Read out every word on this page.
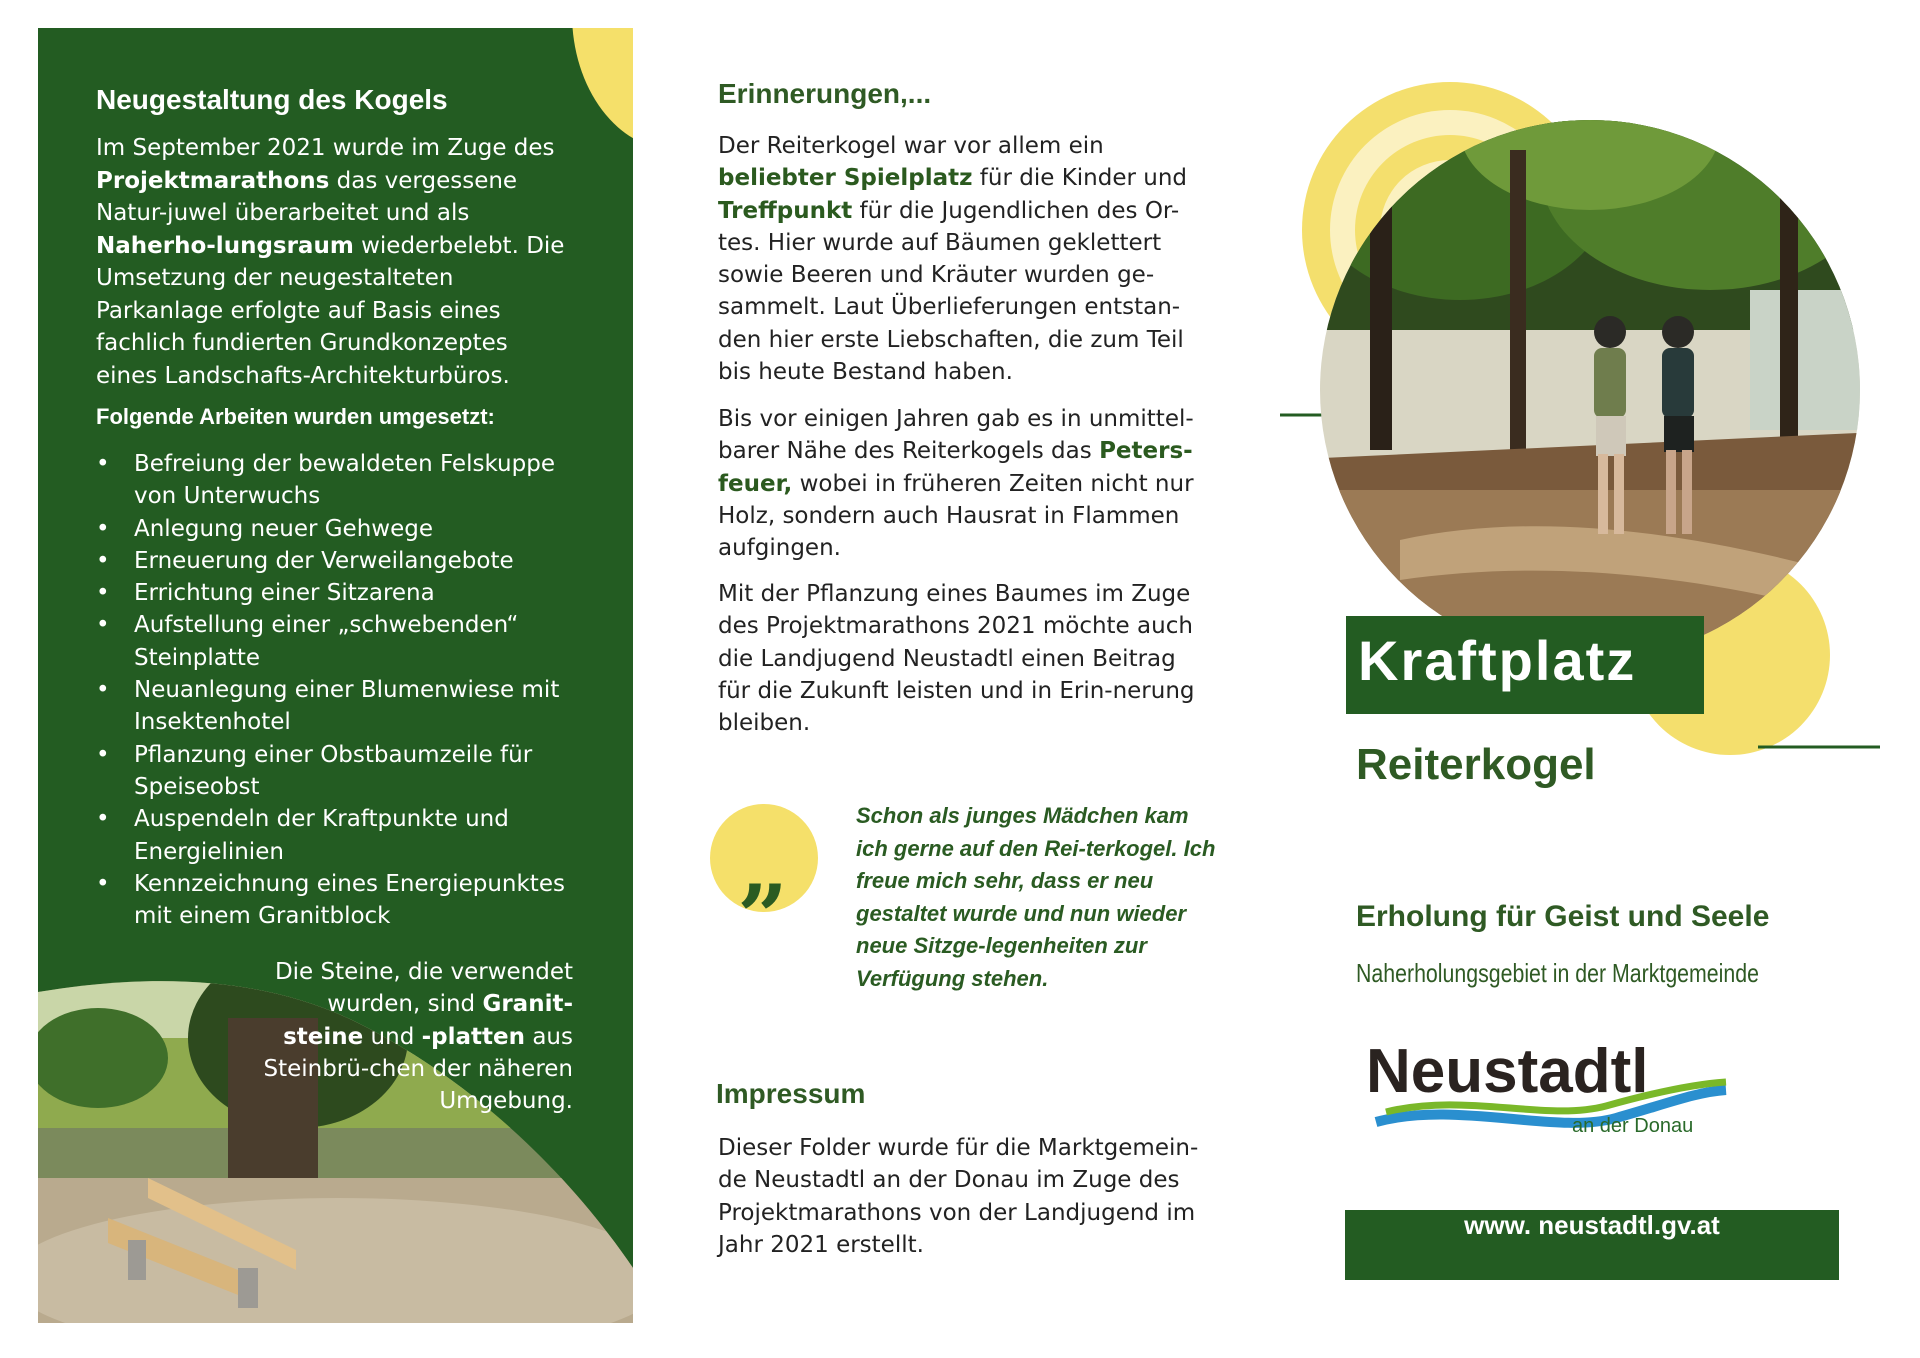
Neugestaltung des Kogels

Im September 2021 wurde im Zuge des Projektmarathons das vergessene Natur-juwel überarbeitet und als Naherho-lungsraum wiederbelebt. Die Umsetzung der neugestalteten Parkanlage erfolgte auf Basis eines fachlich fundierten Grundkonzeptes eines Landschafts-Architekturbüros.

Folgende Arbeiten wurden umgesetzt:
• Befreiung der bewaldeten Felskuppe von Unterwuchs
• Anlegung neuer Gehwege
• Erneuerung der Verweilangebote
• Errichtung einer Sitzarena
• Aufstellung einer „schwebenden“ Steinplatte
• Neuanlegung einer Blumenwiese mit Insektenhotel
• Pflanzung einer Obstbaumzeile für Speiseobst
• Auspendeln der Kraftpunkte und Energielinien
• Kennzeichnung eines Energiepunktes mit einem Granitblock

Die Steine, die verwendet wurden, sind Granit-steine und -platten aus Steinbrü-chen der näheren Umgebung.

Erinnerungen,...

Der Reiterkogel war vor allem ein beliebter Spielplatz für die Kinder und Treffpunkt für die Jugendlichen des Or-tes. Hier wurde auf Bäumen geklettert sowie Beeren und Kräuter wurden ge-sammelt. Laut Überlieferungen entstan-den hier erste Liebschaften, die zum Teil bis heute Bestand haben.

Bis vor einigen Jahren gab es in unmittel-barer Nähe des Reiterkogels das Peters-feuer, wobei in früheren Zeiten nicht nur Holz, sondern auch Hausrat in Flammen aufgingen.

Mit der Pflanzung eines Baumes im Zuge des Projektmarathons 2021 möchte auch die Landjugend Neustadtl einen Beitrag für die Zukunft leisten und in Erin-nerung bleiben.

„	Schon als junges Mädchen kam ich gerne auf den Rei-terkogel. Ich freue mich sehr, dass er neu gestaltet wurde und nun wieder neue Sitzge-legenheiten zur Verfügung stehen.

Impressum

Dieser Folder wurde für die Marktgemein-de Neustadtl an der Donau im Zuge des Projektmarathons von der Landjugend im Jahr 2021 erstellt.

Kraftplatz
Reiterkogel
Erholung für Geist und Seele

Naherholungsgebiet in der Marktgemeinde

Neustadtl
an der Donau

www. neustadtl.gv.at
